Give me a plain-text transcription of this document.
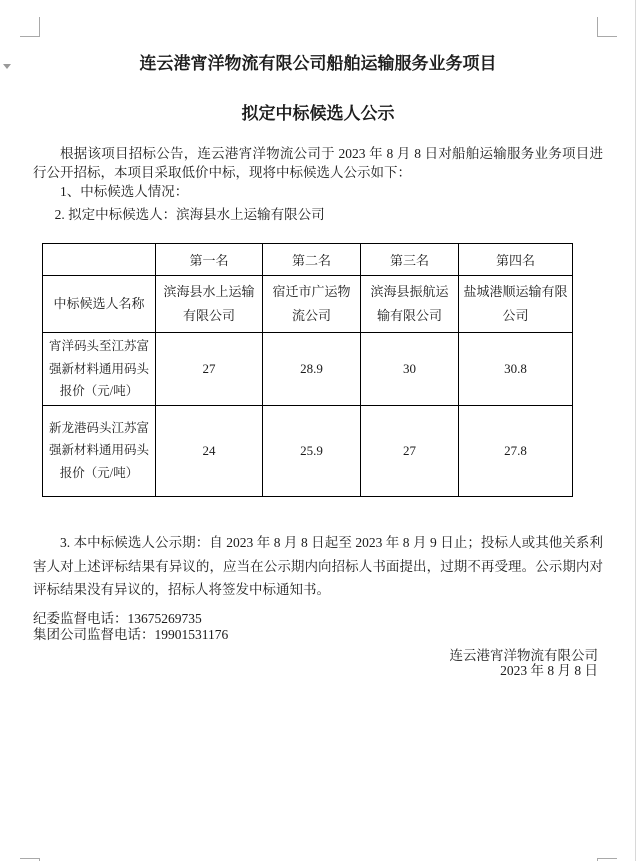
连云港宵洋物流有限公司船舶运输服务业务项目
拟定中标候选人公示

根据该项目招标公告，连云港宵洋物流公司于 2023 年 8 月 8 日对船舶运输服务业务项目进行公开招标，本项目采取低价中标，现将中标候选人公示如下：

1、中标候选人情况：

2. 拟定中标候选人：滨海县水上运输有限公司

	第一名	第二名	第三名	第四名
中标候选人名称	滨海县水上运输有限公司	宿迁市广运物流公司	滨海县振航运输有限公司	盐城港顺运输有限公司
宵洋码头至江苏富强新材料通用码头报价（元/吨）	27	28.9	30	30.8
新龙港码头江苏富强新材料通用码头报价（元/吨）	24	25.9	27	27.8

3. 本中标候选人公示期：自 2023 年 8 月 8 日起至 2023 年 8 月 9 日止；投标人或其他关系利害人对上述评标结果有异议的，应当在公示期内向招标人书面提出，过期不再受理。公示期内对评标结果没有异议的，招标人将签发中标通知书。

纪委监督电话：13675269735

集团公司监督电话：19901531176

连云港宵洋物流有限公司

2023 年 8 月 8 日
